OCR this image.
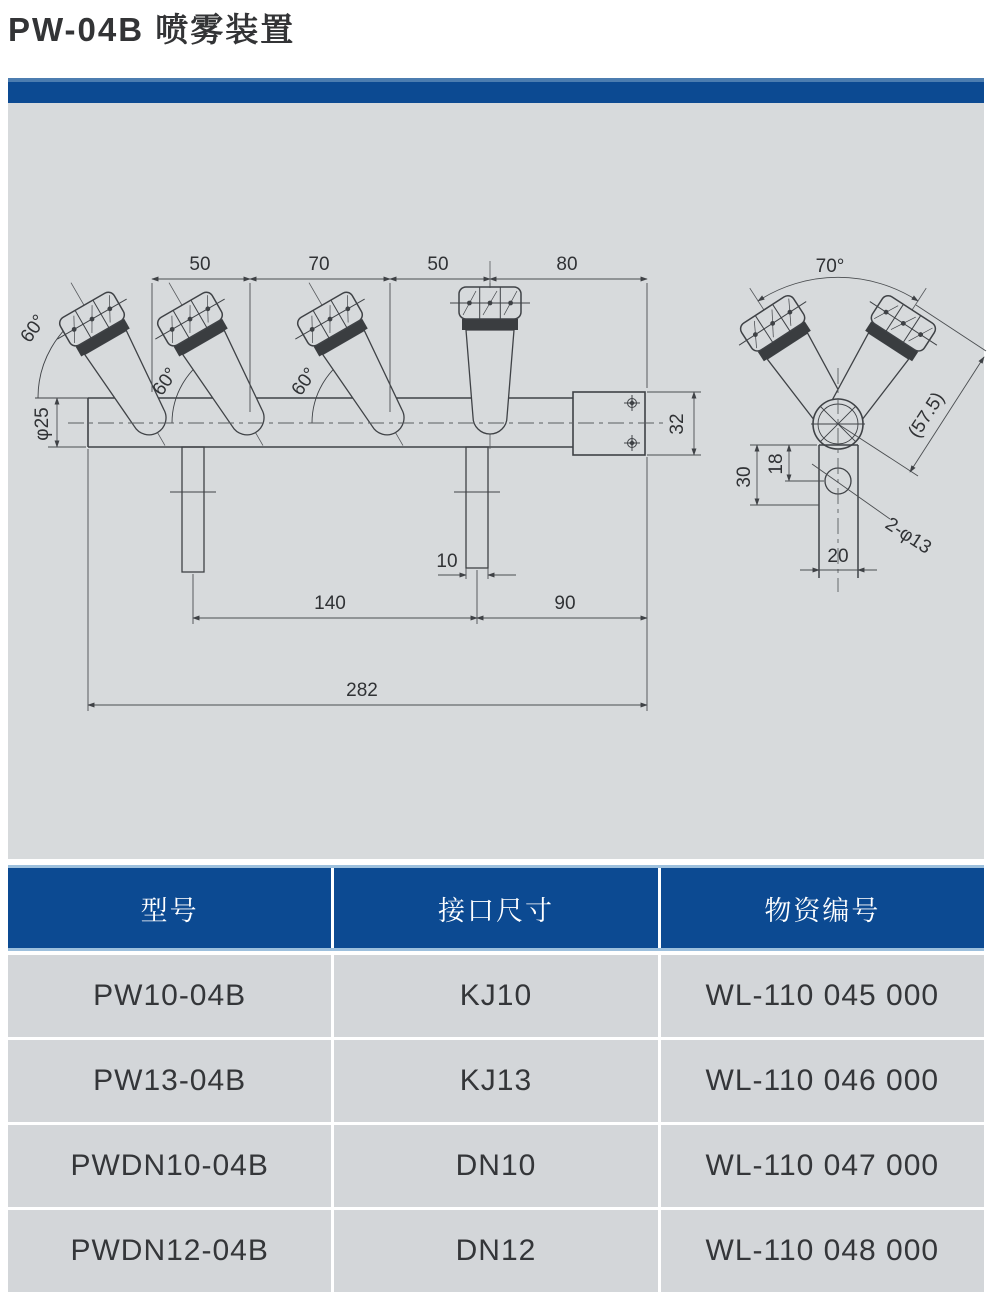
PW-04B 喷雾装置
50	70	50	80
60°
60°	60°
φ25	32
10
140	90
282
70°
(57.5)
30
18
2-φ13
20
型号	接口尺寸	物资编号
PW10-04B	KJ10	WL-110 045 000
PW13-04B	KJ13	WL-110 046 000
PWDN10-04B	DN10	WL-110 047 000
PWDN12-04B	DN12	WL-110 048 000
